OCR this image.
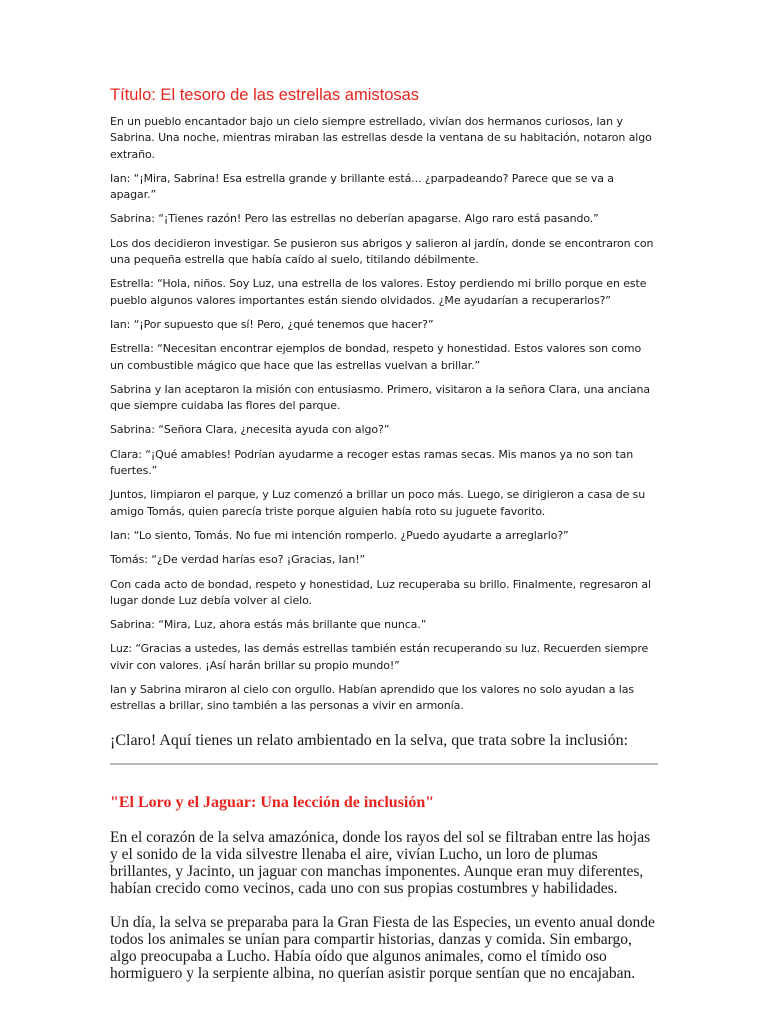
Título: El tesoro de las estrellas amistosas

En un pueblo encantador bajo un cielo siempre estrellado, vivían dos hermanos curiosos, Ian y Sabrina. Una noche, mientras miraban las estrellas desde la ventana de su habitación, notaron algo extraño.

Ian: “¡Mira, Sabrina! Esa estrella grande y brillante está... ¿parpadeando? Parece que se va a apagar.”

Sabrina: “¡Tienes razón! Pero las estrellas no deberían apagarse. Algo raro está pasando.”

Los dos decidieron investigar. Se pusieron sus abrigos y salieron al jardín, donde se encontraron con una pequeña estrella que había caído al suelo, titilando débilmente.

Estrella: “Hola, niños. Soy Luz, una estrella de los valores. Estoy perdiendo mi brillo porque en este pueblo algunos valores importantes están siendo olvidados. ¿Me ayudarían a recuperarlos?”

Ian: “¡Por supuesto que sí! Pero, ¿qué tenemos que hacer?”

Estrella: “Necesitan encontrar ejemplos de bondad, respeto y honestidad. Estos valores son como un combustible mágico que hace que las estrellas vuelvan a brillar.”

Sabrina y Ian aceptaron la misión con entusiasmo. Primero, visitaron a la señora Clara, una anciana que siempre cuidaba las flores del parque.

Sabrina: “Señora Clara, ¿necesita ayuda con algo?”

Clara: “¡Qué amables! Podrían ayudarme a recoger estas ramas secas. Mis manos ya no son tan fuertes.”

Juntos, limpiaron el parque, y Luz comenzó a brillar un poco más. Luego, se dirigieron a casa de su amigo Tomás, quien parecía triste porque alguien había roto su juguete favorito.

Ian: “Lo siento, Tomás. No fue mi intención romperlo. ¿Puedo ayudarte a arreglarlo?”

Tomás: “¿De verdad harías eso? ¡Gracias, Ian!”

Con cada acto de bondad, respeto y honestidad, Luz recuperaba su brillo. Finalmente, regresaron al lugar donde Luz debía volver al cielo.

Sabrina: “Mira, Luz, ahora estás más brillante que nunca.”

Luz: “Gracias a ustedes, las demás estrellas también están recuperando su luz. Recuerden siempre vivir con valores. ¡Así harán brillar su propio mundo!”

Ian y Sabrina miraron al cielo con orgullo. Habían aprendido que los valores no solo ayudan a las estrellas a brillar, sino también a las personas a vivir en armonía.

¡Claro! Aquí tienes un relato ambientado en la selva, que trata sobre la inclusión:

"El Loro y el Jaguar: Una lección de inclusión"

En el corazón de la selva amazónica, donde los rayos del sol se filtraban entre las hojas y el sonido de la vida silvestre llenaba el aire, vivían Lucho, un loro de plumas brillantes, y Jacinto, un jaguar con manchas imponentes. Aunque eran muy diferentes, habían crecido como vecinos, cada uno con sus propias costumbres y habilidades.

Un día, la selva se preparaba para la Gran Fiesta de las Especies, un evento anual donde todos los animales se unían para compartir historias, danzas y comida. Sin embargo, algo preocupaba a Lucho. Había oído que algunos animales, como el tímido oso hormiguero y la serpiente albina, no querían asistir porque sentían que no encajaban.
